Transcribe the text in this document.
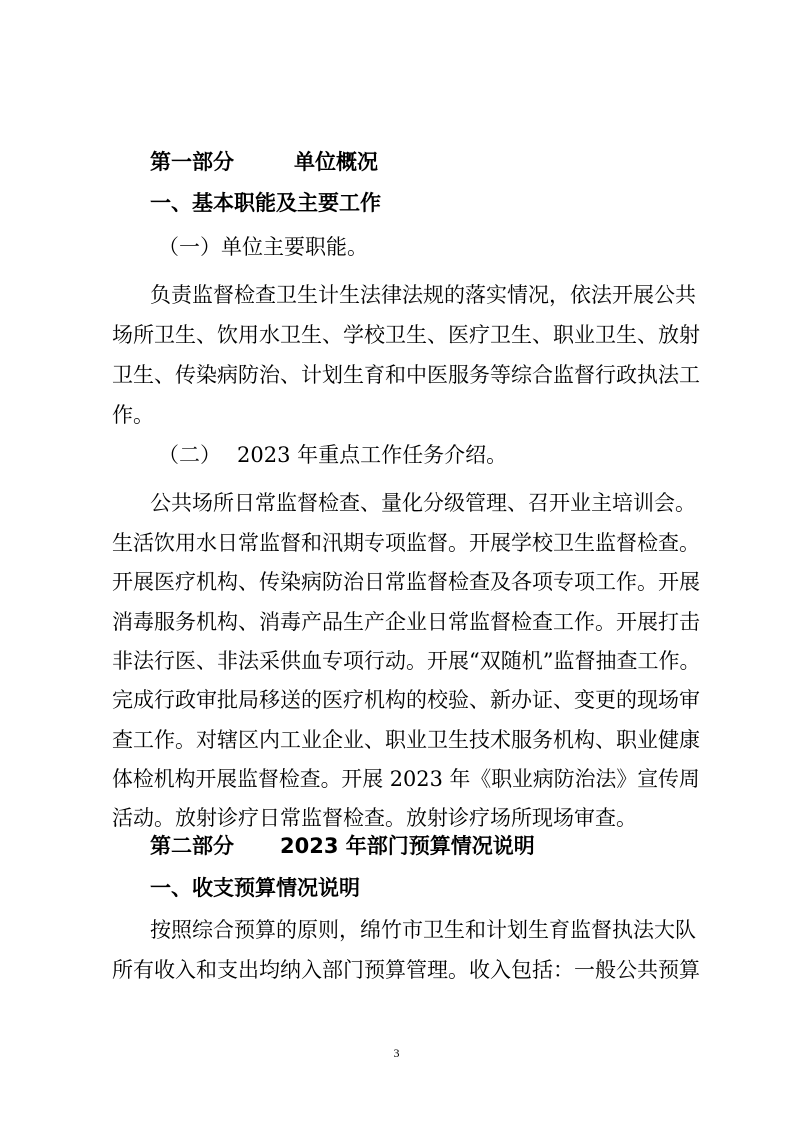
第一部分	单位概况
一、基本职能及主要工作
（一）单位主要职能。
负责监督检查卫生计生法律法规的落实情况，依法开展公共
场所卫生、饮用水卫生、学校卫生、医疗卫生、职业卫生、放射
卫生、传染病防治、计划生育和中医服务等综合监督行政执法工
作。
（二） 2023 年重点工作任务介绍。
公共场所日常监督检查、量化分级管理、召开业主培训会。
生活饮用水日常监督和汛期专项监督。开展学校卫生监督检查。
开展医疗机构、传染病防治日常监督检查及各项专项工作。开展
消毒服务机构、消毒产品生产企业日常监督检查工作。开展打击
非法行医、非法采供血专项行动。开展“双随机”监督抽查工作。
完成行政审批局移送的医疗机构的校验、新办证、变更的现场审
查工作。对辖区内工业企业、职业卫生技术服务机构、职业健康
体检机构开展监督检查。开展 2023 年《职业病防治法》宣传周
活动。放射诊疗日常监督检查。放射诊疗场所现场审查。
第二部分 2023 年部门预算情况说明
一、收支预算情况说明
按照综合预算的原则，绵竹市卫生和计划生育监督执法大队
所有收入和支出均纳入部门预算管理。收入包括：一般公共预算
3
